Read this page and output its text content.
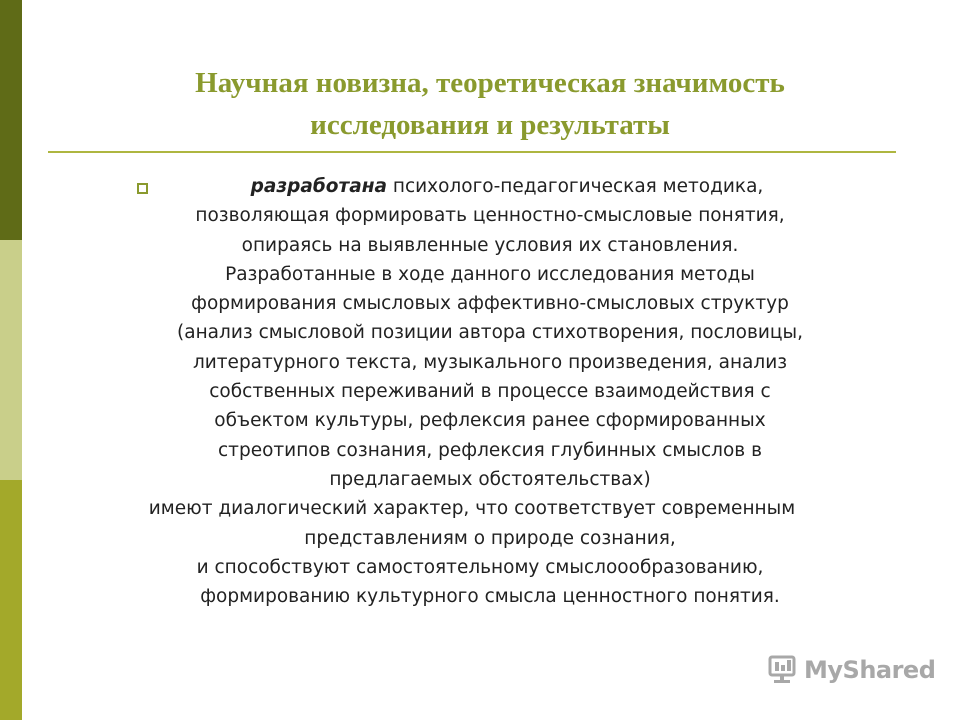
Научная новизна, теоретическая значимость
исследования и результаты
разработана психолого-педагогическая методика,
позволяющая формировать ценностно-смысловые понятия,
опираясь на выявленные условия их становления.
Разработанные в ходе данного исследования методы
формирования смысловых аффективно-смысловых структур
(анализ смысловой позиции автора стихотворения, пословицы,
литературного текста, музыкального произведения, анализ
собственных переживаний в процессе взаимодействия с
объектом культуры, рефлексия ранее сформированных
стреотипов сознания, рефлексия глубинных смыслов в
предлагаемых обстоятельствах)
имеют диалогический характер, что соответствует современным
представлениям о природе сознания,
и способствуют самостоятельному смыслоообразованию,
формированию культурного смысла ценностного понятия.
MyShared
